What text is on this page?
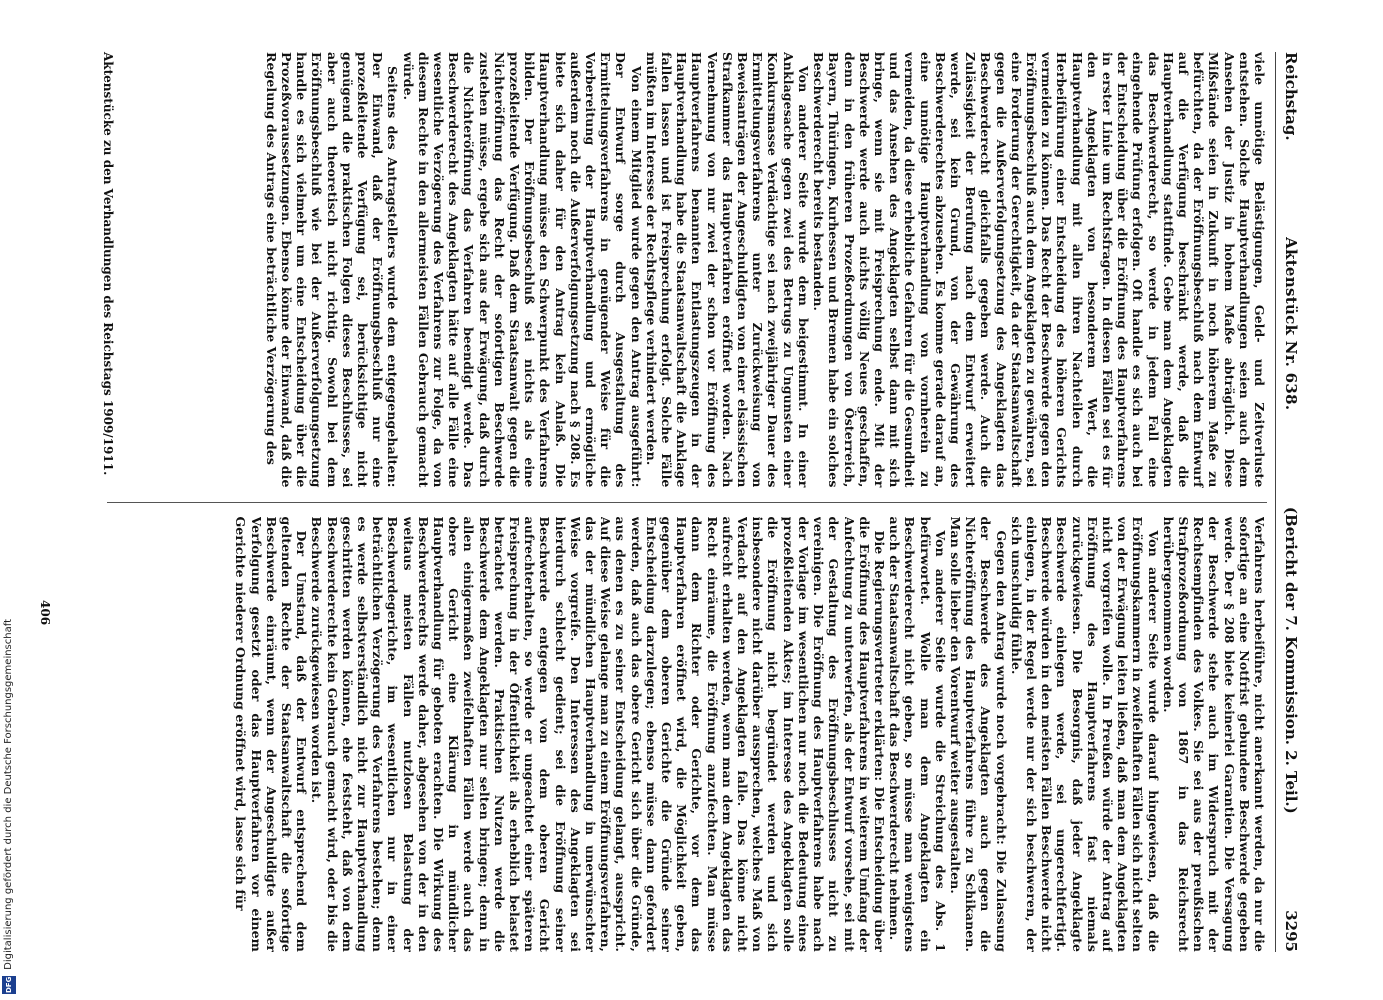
Digitalisierung gefördert durch die Deutsche Forschungsgemeinschaft
DFG
Reichstag.
Aktenstück Nr. 638.
(Bericht der 7. Kommission. 2. Teil.)
3295

viele unnötige Belästigungen, Geld- und Zeitverluste entstehen. Solche Hauptverhandlungen seien auch dem Ansehen der Justiz in hohem Maße abträglich. Diese Mißstände seien in Zukunft in noch höherem Maße zu befürchten, da der Eröffnungsbeschluß nach dem Entwurf auf die Verfügung beschränkt werde, daß die Hauptverhandlung stattfinde. Gebe man dem Angeklagten das Beschwerderecht, so werde in jedem Fall eine eingehende Prüfung erfolgen. Oft handle es sich auch bei der Entscheidung über die Eröffnung des Hauptverfahrens in erster Linie um Rechtsfragen. In diesen Fällen sei es für den Angeklagten von besonderem Wert, die Hauptverhandlung mit allen ihren Nachteilen durch Herbeiführung einer Entscheidung des höheren Gerichts vermeiden zu können. Das Recht der Beschwerde gegen den Eröffnungsbeschluß auch dem Angeklagten zu gewähren, sei eine Forderung der Gerechtigkeit, da der Staatsanwaltschaft gegen die Außerverfolgungsetzung des Angeklagten das Beschwerderecht gleichfalls gegeben werde. Auch die Zulässigkeit der Berufung nach dem Entwurf erweitert werde, sei kein Grund, von der Gewährung des Beschwerderechtes abzusehen. Es komme gerade darauf an, eine unnötige Hauptverhandlung von vornherein zu vermeiden, da diese erhebliche Gefahren für die Gesundheit und das Ansehen des Angeklagten selbst dann mit sich bringe, wenn sie mit Freisprechung ende. Mit der Beschwerde werde auch nichts völlig Neues geschaffen, denn in den früheren Prozeßordnungen von Österreich, Bayern, Thüringen, Kurhessen und Bremen habe ein solches Beschwerderecht bereits bestanden.

Von anderer Seite wurde dem beigestimmt. In einer Anklagesache gegen zwei des Betrugs zu Ungunsten einer Konkursmasse Verdächtige sei nach zweijähriger Dauer des Ermittelungsverfahrens unter Zurückweisung von Beweisanträgen der Angeschuldigten von einer elsässischen Strafkammer das Hauptverfahren eröffnet worden. Nach Vernehmung von nur zwei der schon vor Eröffnung des Hauptverfahrens benannten Entlastungszeugen in der Hauptverhandlung habe die Staatsanwaltschaft die Anklage fallen lassen und ist Freisprechung erfolgt. Solche Fälle müßten im Interesse der Rechtspflege verhindert werden.

Von einem Mitglied wurde gegen den Antrag ausgeführt: Der Entwurf sorge durch Ausgestaltung des Ermittelungsverfahrens in genügender Weise für die Vorbereitung der Hauptverhandlung und ermögliche außerdem noch die Außerverfolgungsetzung nach § 208. Es biete sich daher für den Antrag kein Anlaß. Die Hauptverhandlung müsse den Schwerpunkt des Verfahrens bilden. Der Eröffnungsbeschluß sei nichts als eine prozeßleitende Verfügung. Daß dem Staatsanwalt gegen die Nichteröffnung das Recht der sofortigen Beschwerde zustehen müsse, ergebe sich aus der Erwägung, daß durch die Nichteröffnung das Verfahren beendigt werde. Das Beschwerderecht des Angeklagten hätte auf alle Fälle eine wesentliche Verzögerung des Verfahrens zur Folge, da von diesem Rechte in den allermeisten Fällen Gebrauch gemacht würde.

Seitens des Antragstellers wurde dem entgegengehalten: Der Einwand, daß der Eröffnungsbeschluß nur eine prozeßleitende Verfügung sei, berücksichtige nicht genügend die praktischen Folgen dieses Beschlusses, sei aber auch theoretisch nicht richtig. Sowohl bei dem Eröffnungsbeschluß wie bei der Außerverfolgungsetzung handle es sich vielmehr um eine Entscheidung über die Prozeßvoraussetzungen. Ebenso könne der Einwand, daß die Regelung des Antrags eine beträchtliche Verzögerung des

Verfahrens herbeiführe, nicht anerkannt werden, da nur die sofortige an eine Notfrist gebundene Beschwerde gegeben werde. Der § 208 biete keinerlei Garantien. Die Versagung der Beschwerde stehe auch im Widerspruch mit der Rechtsempfinden des Volkes. Sie sei aus der preußischen Strafprozeßordnung von 1867 in das Reichsrecht herübergenommen worden.

Von anderer Seite wurde darauf hingewiesen, daß die Eröffnungskammern in zweifelhaften Fällen sich nicht selten von der Erwägung leiten ließen, daß man dem Angeklagten nicht vorgreifen wolle. In Preußen würde der Antrag auf Eröffnung des Hauptverfahrens fast niemals zurückgewiesen. Die Besorgnis, daß jeder Angeklagte Beschwerde einlegen werde, sei ungerechtfertigt. Beschwerde würden in den meisten Fällen Beschwerde nicht einlegen, in der Regel werde nur der sich beschweren, der sich unschuldig fühle.

Gegen den Antrag wurde noch vorgebracht: Die Zulassung der Beschwerde des Angeklagten auch gegen die Nichteröffnung des Hauptverfahrens führe zu Schikanen. Man solle lieber den Vorentwurf weiter ausgestalten.

Von anderer Seite wurde die Streichung des Abs. 1 befürwortet. Wolle man dem Angeklagten ein Beschwerderecht nicht geben, so müsse man wenigstens auch der Staatsanwaltschaft das Beschwerderecht nehmen.

Die Regierungsvertreter erklärten: Die Entscheidung über die Eröffnung des Hauptverfahrens in weiterem Umfang der Anfechtung zu unterwerfen, als der Entwurf vorsehe, sei mit der Gestaltung des Eröffnungsbeschlusses nicht zu vereinigen. Die Eröffnung des Hauptverfahrens habe nach der Vorlage im wesentlichen nur noch die Bedeutung eines prozeßleitenden Aktes; im Interesse des Angeklagten solle die Eröffnung nicht begründet werden und sich insbesondere nicht darüber aussprechen, welches Maß von Verdacht auf den Angeklagten falle. Das könne nicht aufrecht erhalten werden, wenn man dem Angeklagten das Recht einräume, die Eröffnung anzufechten. Man müsse dann dem Richter oder Gerichte, vor dem das Hauptverfahren eröffnet wird, die Möglichkeit geben, gegenüber dem oberen Gerichte die Gründe seiner Entscheidung darzulegen; ebenso müsse dann gefordert werden, daß auch das obere Gericht sich über die Gründe, aus denen es zu seiner Entscheidung gelangt, ausspricht. Auf diese Weise gelange man zu einem Eröffnungsverfahren, das der mündlichen Hauptverhandlung in unerwünschter Weise vorgreife. Den Interessen des Angeklagten sei hierdurch schlecht gedient; sei die Eröffnung seiner Beschwerde entgegen von dem oberen Gericht aufrechterhalten, so werde er ungeachtet einer späteren Freisprechung in der Öffentlichkeit als erheblich belastet betrachtet werden. Praktischen Nutzen werde die Beschwerde dem Angeklagten nur selten bringen; denn in allen einigermaßen zweifelhaften Fällen werde auch das obere Gericht eine Klärung in mündlicher Hauptverhandlung für geboten erachten. Die Wirkung des Beschwerderechts werde daher, abgesehen von der in den weitaus meisten Fällen nutzlosen Belastung der Beschwerdegerichte, im wesentlichen nur in einer beträchtlichen Verzögerung des Verfahrens bestehen; denn es werde selbstverständlich nicht zur Hauptverhandlung geschritten werden können, ehe feststeht, daß von dem Beschwerderechte kein Gebrauch gemacht wird, oder bis die Beschwerde zurückgewiesen worden ist.

Der Umstand, daß der Entwurf entsprechend dem geltenden Rechte der Staatsanwaltschaft die sofortige Beschwerde einräumt, wenn der Angeschuldigte außer Verfolgung gesetzt oder das Hauptverfahren vor einem Gerichte niederer Ordnung eröffnet wird, lasse sich für

Aktenstücke zu den Verhandlungen des Reichstags 1909/1911.
406
